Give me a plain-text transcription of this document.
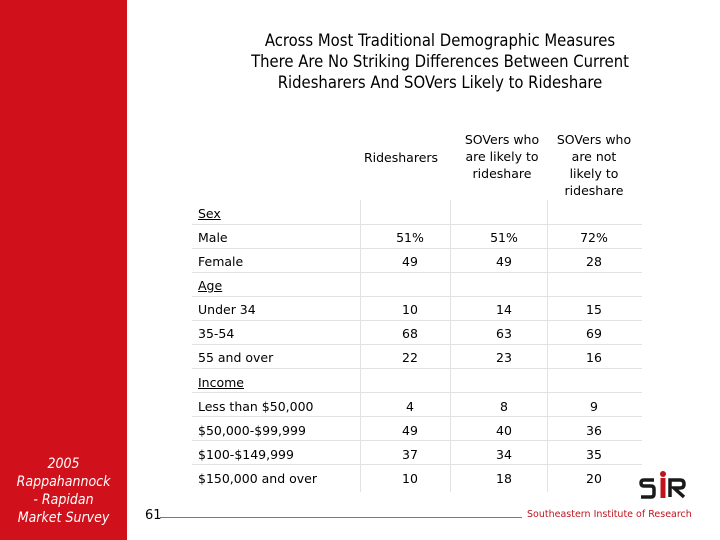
2005
Rappahannock
- Rapidan
Market Survey
Across Most Traditional Demographic Measures
There Are No Striking Differences Between Current
Ridesharers And SOVers Likely to Rideshare
Ridesharers
SOVers who
are likely to
rideshare
SOVers who
are not
likely to
rideshare
Sex
Male	51%	51%	72%
Female	49	49	28
Age
Under 34	10	14	15
35-54	68	63	69
55 and over	22	23	16
Income
Less than $50,000	4	8	9
$50,000-$99,999	49	40	36
$100-$149,999	37	34	35
$150,000 and over	10	18	20
61	Southeastern Institute of Research
